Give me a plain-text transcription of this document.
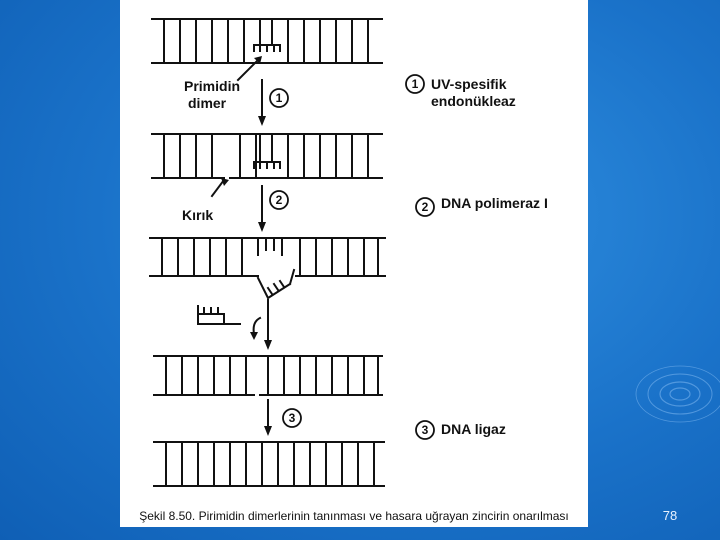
1
2
3
1
2
3
Primidin
dimer
Kırık
UV-spesifik
endonükleaz
DNA polimeraz I
DNA ligaz
Şekil 8.50. Pirimidin dimerlerinin tanınması ve hasara uğrayan zincirin onarılması	78
